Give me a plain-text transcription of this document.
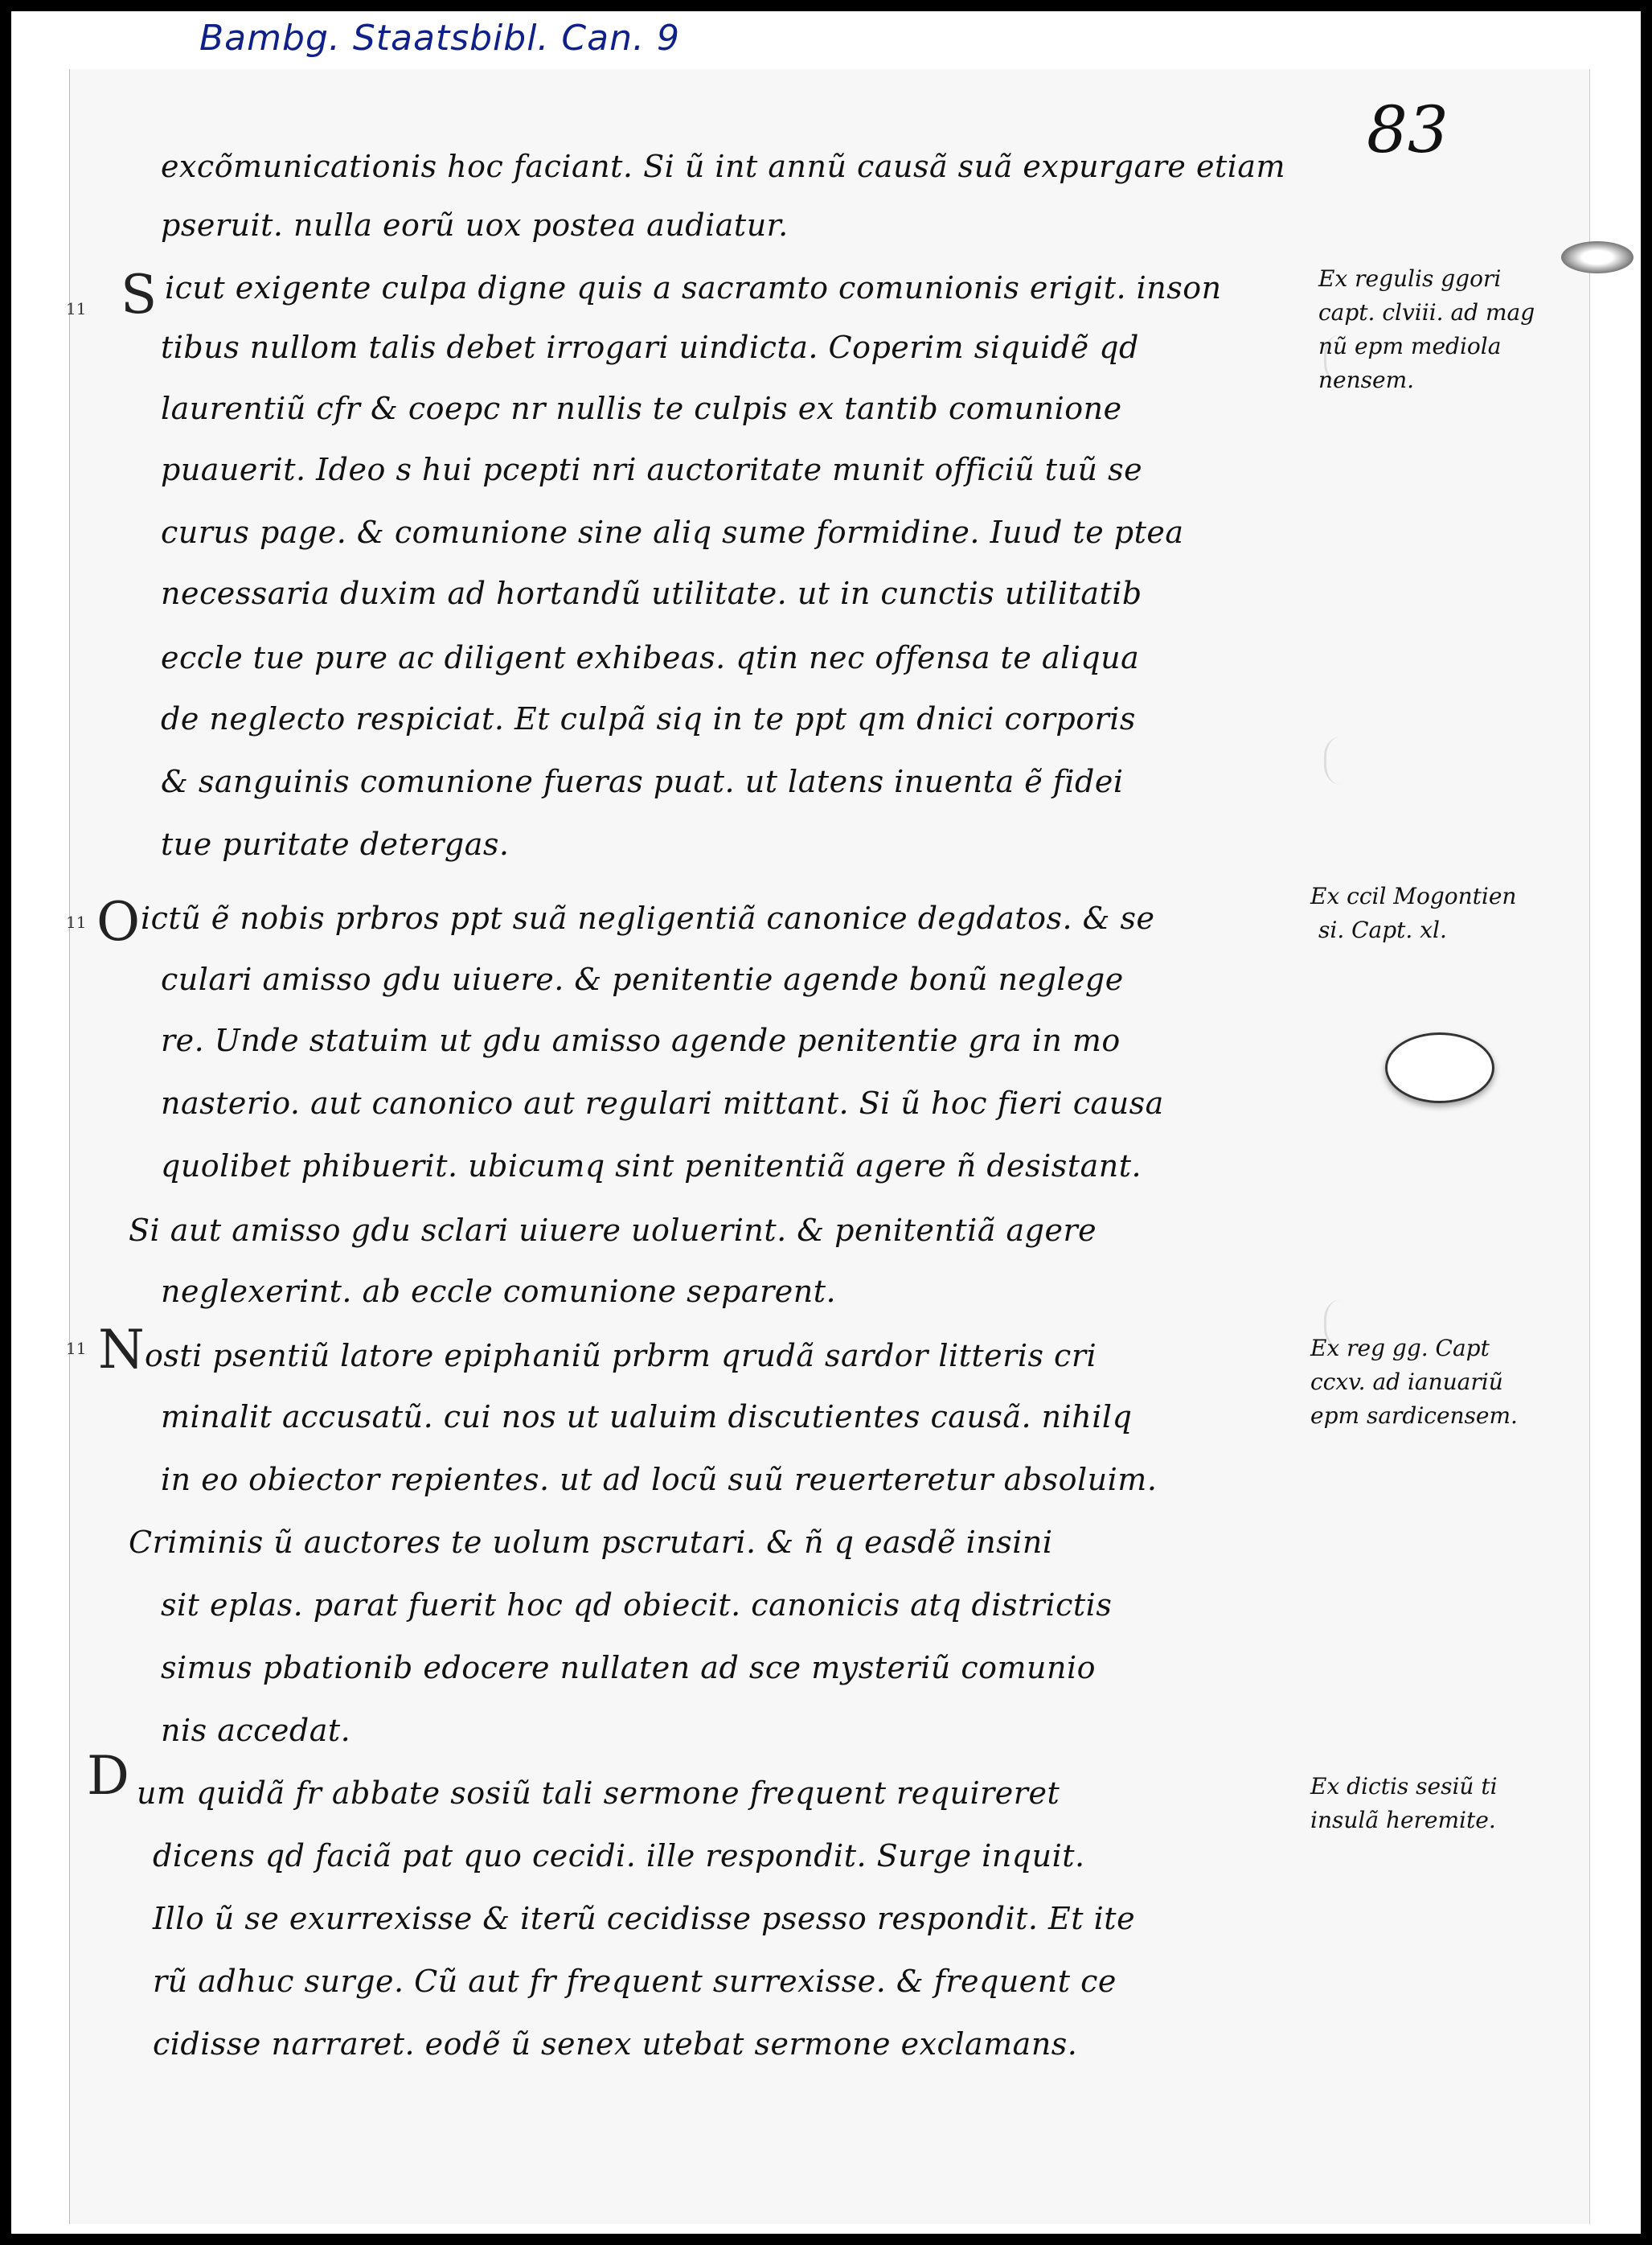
Bambg. Staatsbibl. Can. 9
83
11
11
11
S
O
N
D
excõmunicationis hoc faciant. Si ũ int annũ causã suã expurgare etiam
pseruit. nulla eorũ uox postea audiatur.
icut exigente culpa digne quis a sacramto comunionis erigit. inson
tibus nullom talis debet irrogari uindicta. Coperim siquidẽ qd
laurentiũ cfr & coepc nr nullis te culpis ex tantib comunione
puauerit. Ideo s hui pcepti nri auctoritate munit officiũ tuũ se
curus page. & comunione sine aliq sume formidine. Iuud te ptea
necessaria duxim ad hortandũ utilitate. ut in cunctis utilitatib
eccle tue pure ac diligent exhibeas. qtin nec offensa te aliqua
de neglecto respiciat. Et culpã siq in te ppt qm dnici corporis
& sanguinis comunione fueras puat. ut latens inuenta ẽ fidei
tue puritate detergas.
ictũ ẽ nobis prbros ppt suã negligentiã canonice degdatos. & se
culari amisso gdu uiuere. & penitentie agende bonũ neglege
re. Unde statuim ut gdu amisso agende penitentie gra in mo
nasterio. aut canonico aut regulari mittant. Si ũ hoc fieri causa
quolibet phibuerit. ubicumq sint penitentiã agere ñ desistant.
Si aut amisso gdu sclari uiuere uoluerint. & penitentiã agere
neglexerint. ab eccle comunione separent.
osti psentiũ latore epiphaniũ prbrm qrudã sardor litteris cri
minalit accusatũ. cui nos ut ualuim discutientes causã. nihilq
in eo obiector repientes. ut ad locũ suũ reuerteretur absoluim.
Criminis ũ auctores te uolum pscrutari. & ñ q easdẽ insini
sit eplas. parat fuerit hoc qd obiecit. canonicis atq districtis
simus pbationib edocere nullaten ad sce mysteriũ comunio
nis accedat.
um quidã fr abbate sosiũ tali sermone frequent requireret
dicens qd faciã pat quo cecidi. ille respondit. Surge inquit.
Illo ũ se exurrexisse & iterũ cecidisse psesso respondit. Et ite
rũ adhuc surge. Cũ aut fr frequent surrexisse. & frequent ce
cidisse narraret. eodẽ ũ senex utebat sermone exclamans.
Ex regulis ggori
capt. clviii. ad mag
nũ epm mediola
nensem.
Ex ccil Mogontien
si. Capt. xl.
Ex reg gg. Capt
ccxv. ad ianuariũ
epm sardicensem.
Ex dictis sesiũ ti
insulã heremite.
